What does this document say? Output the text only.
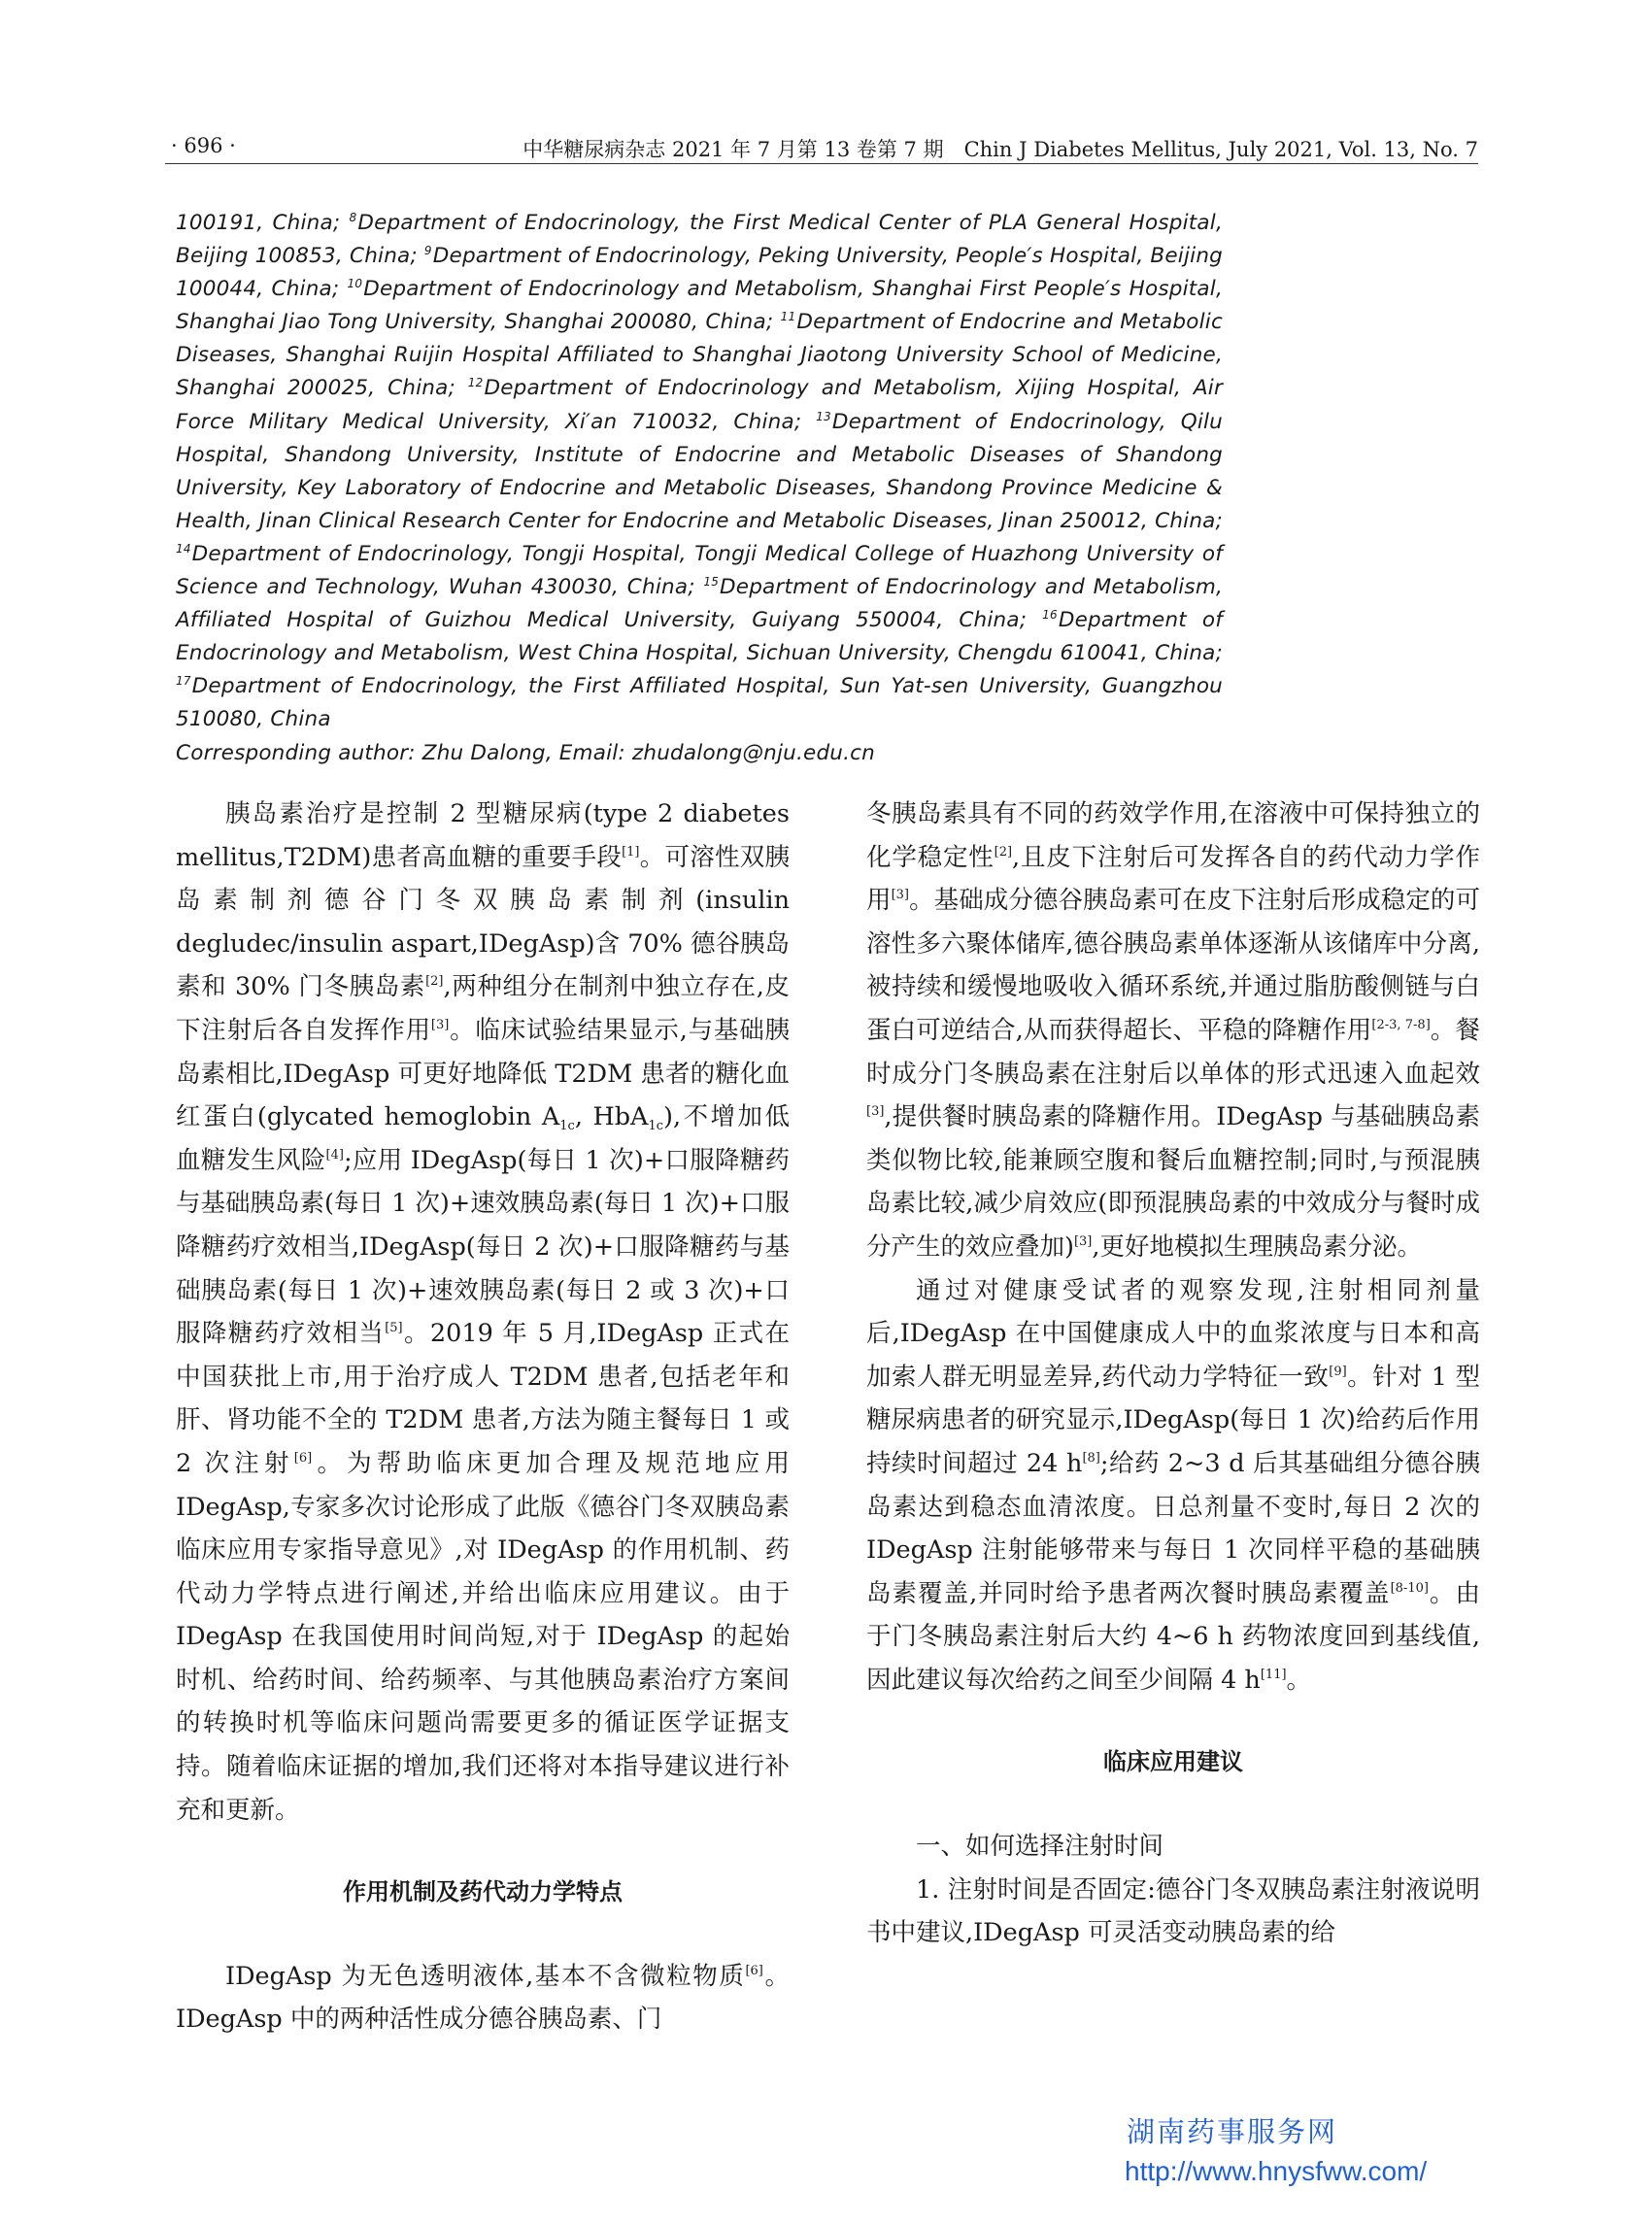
· 696 ·	中华糖尿病杂志 2021 年 7 月第 13 卷第 7 期　Chin J Diabetes Mellitus, July 2021, Vol. 13, No. 7
100191, China; $^8$Department of Endocrinology, the First Medical Center of PLA General Hospital, Beijing 100853, China; $^9$Department of Endocrinology, Peking University, People′s Hospital, Beijing 100044, China; $^{10}$Department of Endocrinology and Metabolism, Shanghai First People′s Hospital, Shanghai Jiao Tong University, Shanghai 200080, China; $^{11}$Department of Endocrine and Metabolic Diseases, Shanghai Ruijin Hospital Affiliated to Shanghai Jiaotong University School of Medicine, Shanghai 200025, China; $^{12}$Department of Endocrinology and Metabolism, Xijing Hospital, Air Force Military Medical University, Xi′an 710032, China; $^{13}$Department of Endocrinology, Qilu Hospital, Shandong University, Institute of Endocrine and Metabolic Diseases of Shandong University, Key Laboratory of Endocrine and Metabolic Diseases, Shandong Province Medicine & Health, Jinan Clinical Research Center for Endocrine and Metabolic Diseases, Jinan 250012, China; $^{14}$Department of Endocrinology, Tongji Hospital, Tongji Medical College of Huazhong University of Science and Technology, Wuhan 430030, China; $^{15}$Department of Endocrinology and Metabolism, Affiliated Hospital of Guizhou Medical University, Guiyang 550004, China; $^{16}$Department of Endocrinology and Metabolism, West China Hospital, Sichuan University, Chengdu 610041, China; $^{17}$Department of Endocrinology, the First Affiliated Hospital, Sun Yat-sen University, Guangzhou 510080, China
Corresponding author: Zhu Dalong, Email: zhudalong@nju.edu.cn

胰岛素治疗是控制 2 型糖尿病(type 2 diabetes mellitus,T2DM)患者高血糖的重要手段[1]。可溶性双胰岛素制剂德谷门冬双胰岛素制剂(insulin degludec/insulin aspart,IDegAsp)含 70% 德谷胰岛素和 30% 门冬胰岛素[2],两种组分在制剂中独立存在,皮下注射后各自发挥作用[3]。临床试验结果显示,与基础胰岛素相比,IDegAsp 可更好地降低 T2DM 患者的糖化血红蛋白(glycated hemoglobin $A_{1c}$, HbA$_{1c}$),不增加低血糖发生风险[4];应用 IDegAsp(每日 1 次)+口服降糖药与基础胰岛素(每日 1 次)+速效胰岛素(每日 1 次)+口服降糖药疗效相当,IDegAsp(每日 2 次)+口服降糖药与基础胰岛素(每日 1 次)+速效胰岛素(每日 2 或 3 次)+口服降糖药疗效相当[5]。2019 年 5 月,IDegAsp 正式在中国获批上市,用于治疗成人 T2DM 患者,包括老年和肝、肾功能不全的 T2DM 患者,方法为随主餐每日 1 或 2 次注射[6]。为帮助临床更加合理及规范地应用 IDegAsp,专家多次讨论形成了此版《德谷门冬双胰岛素临床应用专家指导意见》,对 IDegAsp 的作用机制、药代动力学特点进行阐述,并给出临床应用建议。由于 IDegAsp 在我国使用时间尚短,对于 IDegAsp 的起始时机、给药时间、给药频率、与其他胰岛素治疗方案间的转换时机等临床问题尚需要更多的循证医学证据支持。随着临床证据的增加,我们还将对本指导建议进行补充和更新。

作用机制及药代动力学特点

IDegAsp 为无色透明液体,基本不含微粒物质[6]。IDegAsp 中的两种活性成分德谷胰岛素、门

冬胰岛素具有不同的药效学作用,在溶液中可保持独立的化学稳定性[2],且皮下注射后可发挥各自的药代动力学作用[3]。基础成分德谷胰岛素可在皮下注射后形成稳定的可溶性多六聚体储库,德谷胰岛素单体逐渐从该储库中分离,被持续和缓慢地吸收入循环系统,并通过脂肪酸侧链与白蛋白可逆结合,从而获得超长、平稳的降糖作用[2-3, 7-8]。餐时成分门冬胰岛素在注射后以单体的形式迅速入血起效[3],提供餐时胰岛素的降糖作用。IDegAsp 与基础胰岛素类似物比较,能兼顾空腹和餐后血糖控制;同时,与预混胰岛素比较,减少肩效应(即预混胰岛素的中效成分与餐时成分产生的效应叠加)[3],更好地模拟生理胰岛素分泌。

通过对健康受试者的观察发现,注射相同剂量后,IDegAsp 在中国健康成人中的血浆浓度与日本和高加索人群无明显差异,药代动力学特征一致[9]。针对 1 型糖尿病患者的研究显示,IDegAsp(每日 1 次)给药后作用持续时间超过 24 h[8];给药 2~3 d 后其基础组分德谷胰岛素达到稳态血清浓度。日总剂量不变时,每日 2 次的 IDegAsp 注射能够带来与每日 1 次同样平稳的基础胰岛素覆盖,并同时给予患者两次餐时胰岛素覆盖[8-10]。由于门冬胰岛素注射后大约 4~6 h 药物浓度回到基线值,因此建议每次给药之间至少间隔 4 h[11]。

临床应用建议

一、如何选择注射时间

1. 注射时间是否固定:德谷门冬双胰岛素注射液说明书中建议,IDegAsp 可灵活变动胰岛素的给

湖南药事服务网
http://www.hnysfww.com/
